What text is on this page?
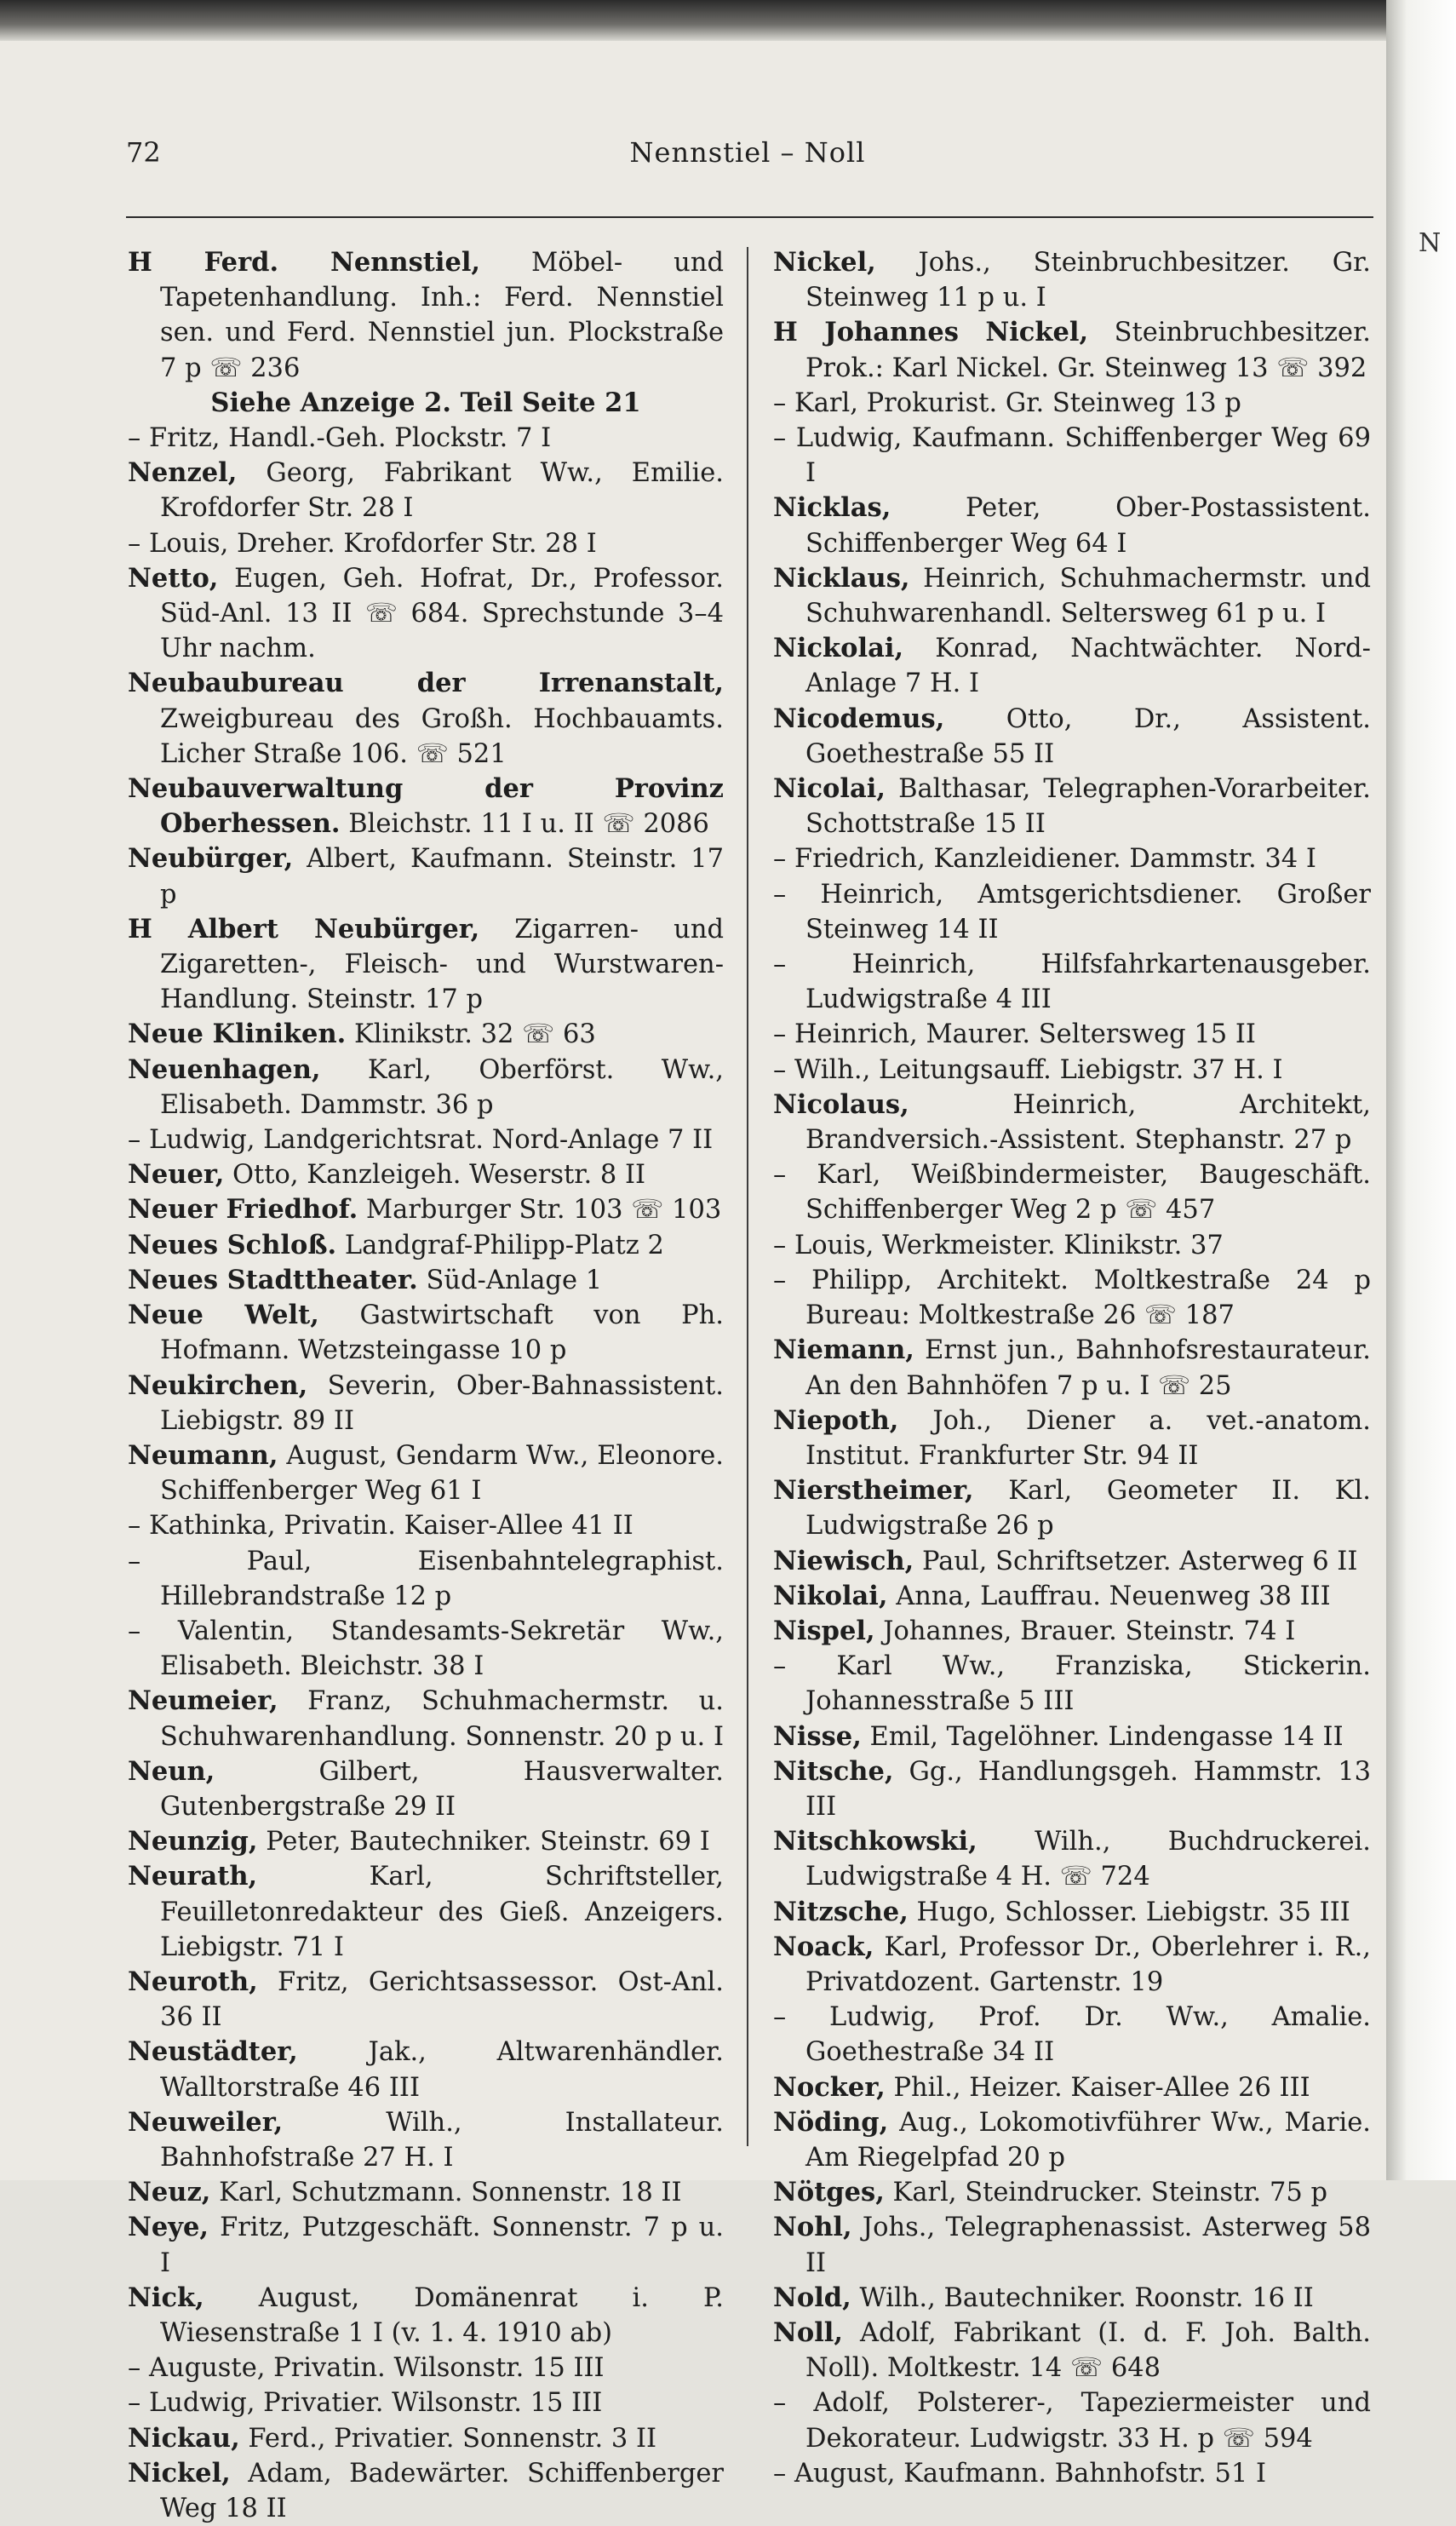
N
72	Nennstiel – Noll

H Ferd. Nennstiel, Möbel- und Tapetenhandlung. Inh.: Ferd. Nennstiel sen. und Ferd. Nennstiel jun. Plockstraße 7 p ☏ 236

Siehe Anzeige 2. Teil Seite 21

– Fritz, Handl.-Geh. Plockstr. 7 I

Nenzel, Georg, Fabrikant Ww., Emilie. Krofdorfer Str. 28 I

– Louis, Dreher. Krofdorfer Str. 28 I

Netto, Eugen, Geh. Hofrat, Dr., Professor. Süd-Anl. 13 II ☏ 684. Sprechstunde 3–4 Uhr nachm.

Neubaubureau der Irrenanstalt, Zweigbureau des Großh. Hochbauamts. Licher Straße 106. ☏ 521

Neubauverwaltung der Provinz Oberhessen. Bleichstr. 11 I u. II ☏ 2086

Neubürger, Albert, Kaufmann. Steinstr. 17 p

H Albert Neubürger, Zigarren- und Zigaretten-, Fleisch- und Wurstwaren-Handlung. Steinstr. 17 p

Neue Kliniken. Klinikstr. 32 ☏ 63

Neuenhagen, Karl, Oberförst. Ww., Elisabeth. Dammstr. 36 p

– Ludwig, Landgerichtsrat. Nord-Anlage 7 II

Neuer, Otto, Kanzleigeh. Weserstr. 8 II

Neuer Friedhof. Marburger Str. 103 ☏ 103

Neues Schloß. Landgraf-Philipp-Platz 2

Neues Stadttheater. Süd-Anlage 1

Neue Welt, Gastwirtschaft von Ph. Hofmann. Wetzsteingasse 10 p

Neukirchen, Severin, Ober-Bahnassistent. Liebigstr. 89 II

Neumann, August, Gendarm Ww., Eleonore. Schiffenberger Weg 61 I

– Kathinka, Privatin. Kaiser-Allee 41 II

– Paul, Eisenbahntelegraphist. Hillebrandstraße 12 p

– Valentin, Standesamts-Sekretär Ww., Elisabeth. Bleichstr. 38 I

Neumeier, Franz, Schuhmachermstr. u. Schuhwarenhandlung. Sonnenstr. 20 p u. I

Neun, Gilbert, Hausverwalter. Gutenbergstraße 29 II

Neunzig, Peter, Bautechniker. Steinstr. 69 I

Neurath, Karl, Schriftsteller, Feuilletonredakteur des Gieß. Anzeigers. Liebigstr. 71 I

Neuroth, Fritz, Gerichtsassessor. Ost-Anl. 36 II

Neustädter, Jak., Altwarenhändler. Walltorstraße 46 III

Neuweiler, Wilh., Installateur. Bahnhofstraße 27 H. I

Neuz, Karl, Schutzmann. Sonnenstr. 18 II

Neye, Fritz, Putzgeschäft. Sonnenstr. 7 p u. I

Nick, August, Domänenrat i. P. Wiesenstraße 1 I (v. 1. 4. 1910 ab)

– Auguste, Privatin. Wilsonstr. 15 III

– Ludwig, Privatier. Wilsonstr. 15 III

Nickau, Ferd., Privatier. Sonnenstr. 3 II

Nickel, Adam, Badewärter. Schiffenberger Weg 18 II

Nickel, Johs., Steinbruchbesitzer. Gr. Steinweg 11 p u. I

H Johannes Nickel, Steinbruchbesitzer. Prok.: Karl Nickel. Gr. Steinweg 13 ☏ 392

– Karl, Prokurist. Gr. Steinweg 13 p

– Ludwig, Kaufmann. Schiffenberger Weg 69 I

Nicklas, Peter, Ober-Postassistent. Schiffenberger Weg 64 I

Nicklaus, Heinrich, Schuhmachermstr. und Schuhwarenhandl. Seltersweg 61 p u. I

Nickolai, Konrad, Nachtwächter. Nord-Anlage 7 H. I

Nicodemus, Otto, Dr., Assistent. Goethestraße 55 II

Nicolai, Balthasar, Telegraphen-Vorarbeiter. Schottstraße 15 II

– Friedrich, Kanzleidiener. Dammstr. 34 I

– Heinrich, Amtsgerichtsdiener. Großer Steinweg 14 II

– Heinrich, Hilfsfahrkartenausgeber. Ludwigstraße 4 III

– Heinrich, Maurer. Seltersweg 15 II

– Wilh., Leitungsauff. Liebigstr. 37 H. I

Nicolaus, Heinrich, Architekt, Brandversich.-Assistent. Stephanstr. 27 p

– Karl, Weißbindermeister, Baugeschäft. Schiffenberger Weg 2 p ☏ 457

– Louis, Werkmeister. Klinikstr. 37

– Philipp, Architekt. Moltkestraße 24 p Bureau: Moltkestraße 26 ☏ 187

Niemann, Ernst jun., Bahnhofsrestaurateur. An den Bahnhöfen 7 p u. I ☏ 25

Niepoth, Joh., Diener a. vet.-anatom. Institut. Frankfurter Str. 94 II

Nierstheimer, Karl, Geometer II. Kl. Ludwigstraße 26 p

Niewisch, Paul, Schriftsetzer. Asterweg 6 II

Nikolai, Anna, Lauffrau. Neuenweg 38 III

Nispel, Johannes, Brauer. Steinstr. 74 I

– Karl Ww., Franziska, Stickerin. Johannesstraße 5 III

Nisse, Emil, Tagelöhner. Lindengasse 14 II

Nitsche, Gg., Handlungsgeh. Hammstr. 13 III

Nitschkowski, Wilh., Buchdruckerei. Ludwigstraße 4 H. ☏ 724

Nitzsche, Hugo, Schlosser. Liebigstr. 35 III

Noack, Karl, Professor Dr., Oberlehrer i. R., Privatdozent. Gartenstr. 19

– Ludwig, Prof. Dr. Ww., Amalie. Goethestraße 34 II

Nocker, Phil., Heizer. Kaiser-Allee 26 III

Nöding, Aug., Lokomotivführer Ww., Marie. Am Riegelpfad 20 p

Nötges, Karl, Steindrucker. Steinstr. 75 p

Nohl, Johs., Telegraphenassist. Asterweg 58 II

Nold, Wilh., Bautechniker. Roonstr. 16 II

Noll, Adolf, Fabrikant (I. d. F. Joh. Balth. Noll). Moltkestr. 14 ☏ 648

– Adolf, Polsterer-, Tapeziermeister und Dekorateur. Ludwigstr. 33 H. p ☏ 594

– August, Kaufmann. Bahnhofstr. 51 I
